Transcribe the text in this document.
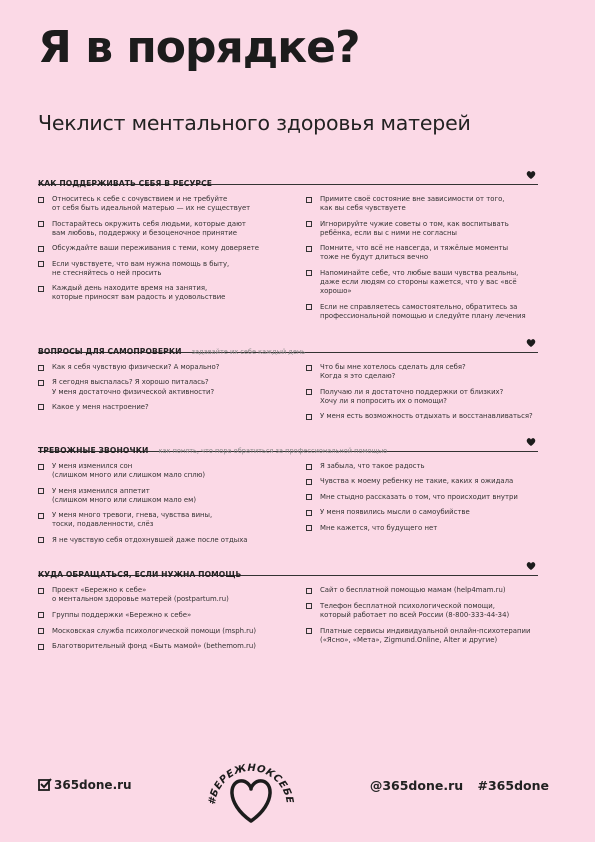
Я в порядке?
Чеклист ментального здоровья матерей
КАК ПОДДЕРЖИВАТЬ СЕБЯ В РЕСУРСЕ
Относитесь к себе с сочувствием и не требуйте
от себя быть идеальной матерью — их не существует
Постарайтесь окружить себя людьми, которые дают
вам любовь, поддержку и безоценочное принятие
Обсуждайте ваши переживания с теми, кому доверяете
Если чувствуете, что вам нужна помощь в быту,
не стесняйтесь о ней просить
Каждый день находите время на занятия,
которые приносят вам радость и удовольствие
Примите своё состояние вне зависимости от того,
как вы себя чувствуете
Игнорируйте чужие советы о том, как воспитывать
ребёнка, если вы с ними не согласны
Помните, что всё не навсегда, и тяжёлые моменты
тоже не будут длиться вечно
Напоминайте себе, что любые ваши чувства реальны,
даже если людям со стороны кажется, что у вас «всё
хорошо»
Если не справляетесь самостоятельно, обратитесь за
профессиональной помощью и следуйте плану лечения
ВОПРОСЫ ДЛЯ САМОПРОВЕРКИ задавайте их себе каждый день
Как я себя чувствую физически? А морально?
Я сегодня выспалась? Я хорошо питалась?
У меня достаточно физической активности?
Какое у меня настроение?
Что бы мне хотелось сделать для себя?
Когда я это сделаю?
Получаю ли я достаточно поддержки от близких?
Хочу ли я попросить их о помощи?
У меня есть возможность отдыхать и восстанавливаться?
ТРЕВОЖНЫЕ ЗВОНОЧКИ как понять, что пора обратиться за профессиональной помощью
У меня изменился сон
(слишком много или слишком мало сплю)
У меня изменился аппетит
(слишком много или слишком мало ем)
У меня много тревоги, гнева, чувства вины,
тоски, подавленности, слёз
Я не чувствую себя отдохнувшей даже после отдыха
Я забыла, что такое радость
Чувства к моему ребенку не такие, каких я ожидала
Мне стыдно рассказать о том, что происходит внутри
У меня появились мысли о самоубийстве
Мне кажется, что будущего нет
КУДА ОБРАЩАТЬСЯ, ЕСЛИ НУЖНА ПОМОЩЬ
Проект «Бережно к себе»
о ментальном здоровье матерей (postpartum.ru)
Группы поддержки «Бережно к себе»
Московская служба психологической помощи (msph.ru)
Благотворительный фонд «Быть мамой» (bethemom.ru)
Сайт о бесплатной помощью мамам (help4mam.ru)
Телефон бесплатной психологической помощи,
который работает по всей России (8-800-333-44-34)
Платные сервисы индивидуальной онлайн-психотерапии
(«Ясно», «Мета», Zigmund.Online, Alter и другие)
365done.ru
#БЕРЕЖНОКСЕБЕ
@365done.ru #365done
